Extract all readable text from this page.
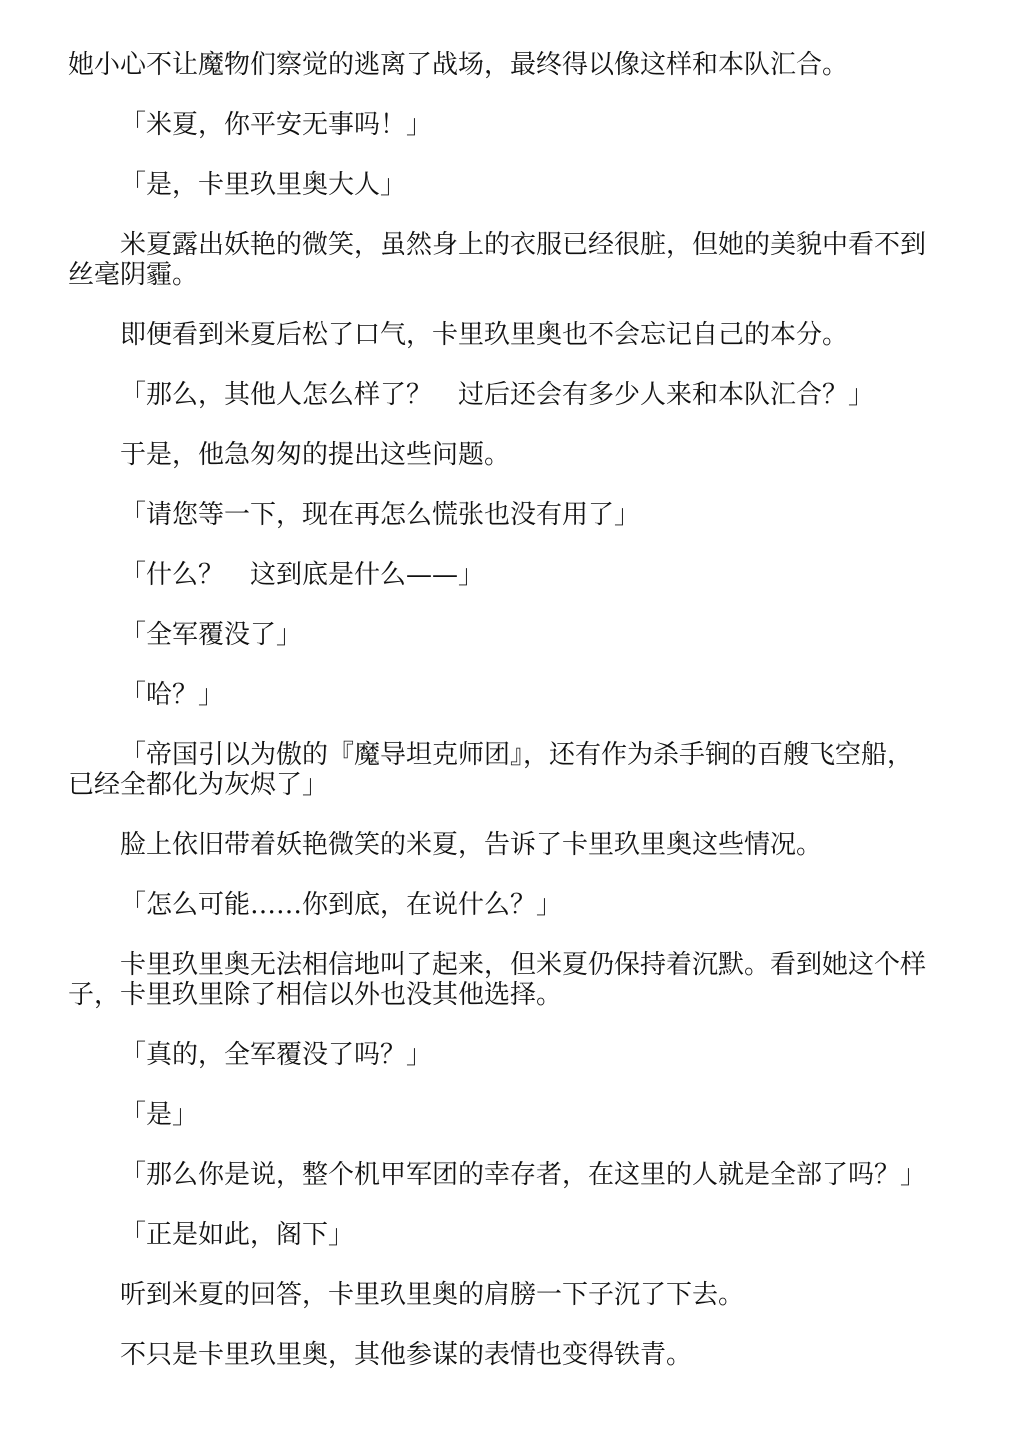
她小心不让魔物们察觉的逃离了战场，最终得以像这样和本队汇合。

「米夏，你平安无事吗！」

「是，卡里玖里奥大人」

米夏露出妖艳的微笑，虽然身上的衣服已经很脏，但她的美貌中看不到丝毫阴霾。

即便看到米夏后松了口气，卡里玖里奥也不会忘记自己的本分。

「那么，其他人怎么样了？　过后还会有多少人来和本队汇合？」

于是，他急匆匆的提出这些问题。

「请您等一下，现在再怎么慌张也没有用了」

「什么？　这到底是什么——」

「全军覆没了」

「哈？」

「帝国引以为傲的『魔导坦克师团』，还有作为杀手锏的百艘飞空船，已经全都化为灰烬了」

脸上依旧带着妖艳微笑的米夏，告诉了卡里玖里奥这些情况。

「怎么可能……你到底，在说什么？」

卡里玖里奥无法相信地叫了起来，但米夏仍保持着沉默。看到她这个样子，卡里玖里除了相信以外也没其他选择。

「真的，全军覆没了吗？」

「是」

「那么你是说，整个机甲军团的幸存者，在这里的人就是全部了吗？」

「正是如此，阁下」

听到米夏的回答，卡里玖里奥的肩膀一下子沉了下去。

不只是卡里玖里奥，其他参谋的表情也变得铁青。
